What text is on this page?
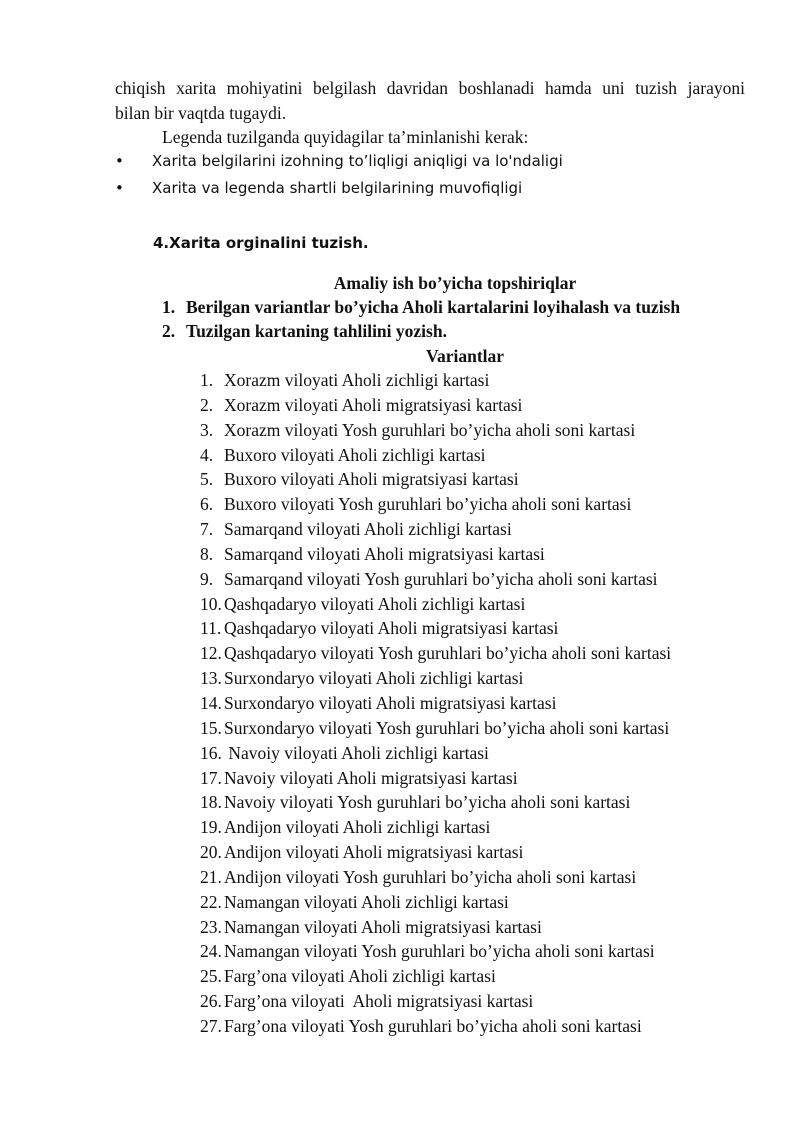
chiqish xarita mohiyatini belgilash davridan boshlanadi hamda uni tuzish jarayoni
bilan bir vaqtda tugaydi.
Legenda tuzilganda quyidagilar ta’minlanishi kerak:
• Xarita belgilarini izohning to’liqligi aniqligi va lo'ndaligi
• Xarita va legenda shartli belgilarining muvofiqligi
4.Xarita orginalini tuzish.
Amaliy ish bo’yicha topshiriqlar
1. Berilgan variantlar bo’yicha Aholi kartalarini loyihalash va tuzish
2. Tuzilgan kartaning tahlilini yozish.
Variantlar
1. Xorazm viloyati Aholi zichligi kartasi
2. Xorazm viloyati Aholi migratsiyasi kartasi
3. Xorazm viloyati Yosh guruhlari bo’yicha aholi soni kartasi
4. Buxoro viloyati Aholi zichligi kartasi
5. Buxoro viloyati Aholi migratsiyasi kartasi
6. Buxoro viloyati Yosh guruhlari bo’yicha aholi soni kartasi
7. Samarqand viloyati Aholi zichligi kartasi
8. Samarqand viloyati Aholi migratsiyasi kartasi
9. Samarqand viloyati Yosh guruhlari bo’yicha aholi soni kartasi
10. Qashqadaryo viloyati Aholi zichligi kartasi
11. Qashqadaryo viloyati Aholi migratsiyasi kartasi
12. Qashqadaryo viloyati Yosh guruhlari bo’yicha aholi soni kartasi
13. Surxondaryo viloyati Aholi zichligi kartasi
14. Surxondaryo viloyati Aholi migratsiyasi kartasi
15. Surxondaryo viloyati Yosh guruhlari bo’yicha aholi soni kartasi
16. Navoiy viloyati Aholi zichligi kartasi
17. Navoiy viloyati Aholi migratsiyasi kartasi
18. Navoiy viloyati Yosh guruhlari bo’yicha aholi soni kartasi
19. Andijon viloyati Aholi zichligi kartasi
20. Andijon viloyati Aholi migratsiyasi kartasi
21. Andijon viloyati Yosh guruhlari bo’yicha aholi soni kartasi
22. Namangan viloyati Aholi zichligi kartasi
23. Namangan viloyati Aholi migratsiyasi kartasi
24. Namangan viloyati Yosh guruhlari bo’yicha aholi soni kartasi
25. Farg’ona viloyati Aholi zichligi kartasi
26. Farg’ona viloyati  Aholi migratsiyasi kartasi
27. Farg’ona viloyati Yosh guruhlari bo’yicha aholi soni kartasi
